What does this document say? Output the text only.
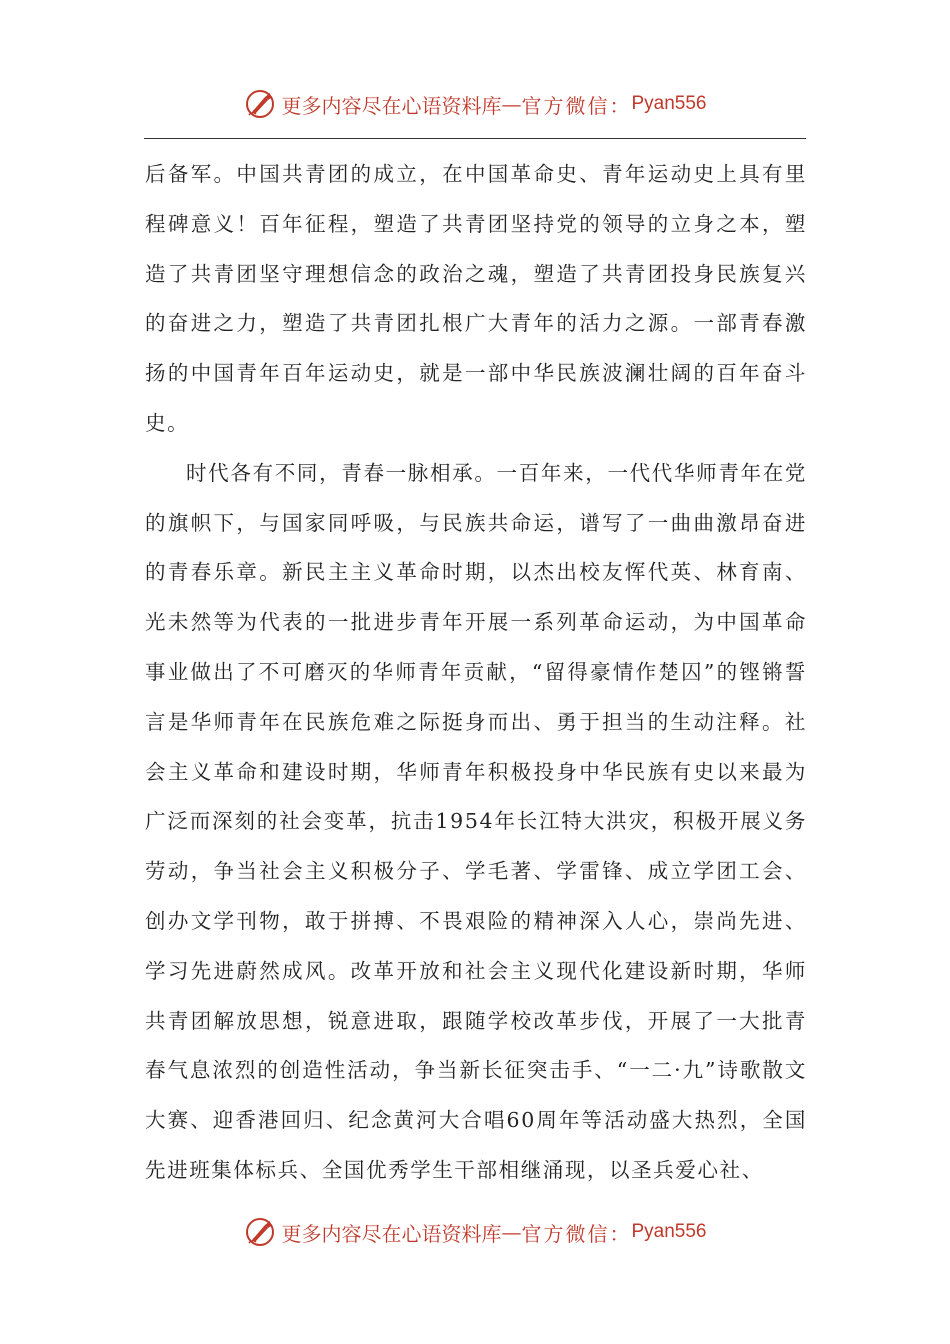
更多内容尽在心语资料库 — 官方微信： Pyan556

后备军。中国共青团的成立，在中国革命史、青年运动史上具有里程碑意义！百年征程，塑造了共青团坚持党的领导的立身之本，塑造了共青团坚守理想信念的政治之魂，塑造了共青团投身民族复兴的奋进之力，塑造了共青团扎根广大青年的活力之源。一部青春激扬的中国青年百年运动史，就是一部中华民族波澜壮阔的百年奋斗史。

时代各有不同，青春一脉相承。一百年来，一代代华师青年在党的旗帜下，与国家同呼吸，与民族共命运，谱写了一曲曲激昂奋进的青春乐章。新民主主义革命时期，以杰出校友恽代英、林育南、光未然等为代表的一批进步青年开展一系列革命运动，为中国革命事业做出了不可磨灭的华师青年贡献，“留得豪情作楚囚”的铿锵誓言是华师青年在民族危难之际挺身而出、勇于担当的生动注释。社会主义革命和建设时期，华师青年积极投身中华民族有史以来最为广泛而深刻的社会变革，抗击1954年长江特大洪灾，积极开展义务劳动，争当社会主义积极分子、学毛著、学雷锋、成立学团工会、创办文学刊物，敢于拼搏、不畏艰险的精神深入人心，崇尚先进、学习先进蔚然成风。改革开放和社会主义现代化建设新时期，华师共青团解放思想，锐意进取，跟随学校改革步伐，开展了一大批青春气息浓烈的创造性活动，争当新长征突击手、“一二·九”诗歌散文大赛、迎香港回归、纪念黄河大合唱60周年等活动盛大热烈，全国先进班集体标兵、全国优秀学生干部相继涌现，以圣兵爱心社、

更多内容尽在心语资料库 — 官方微信： Pyan556
